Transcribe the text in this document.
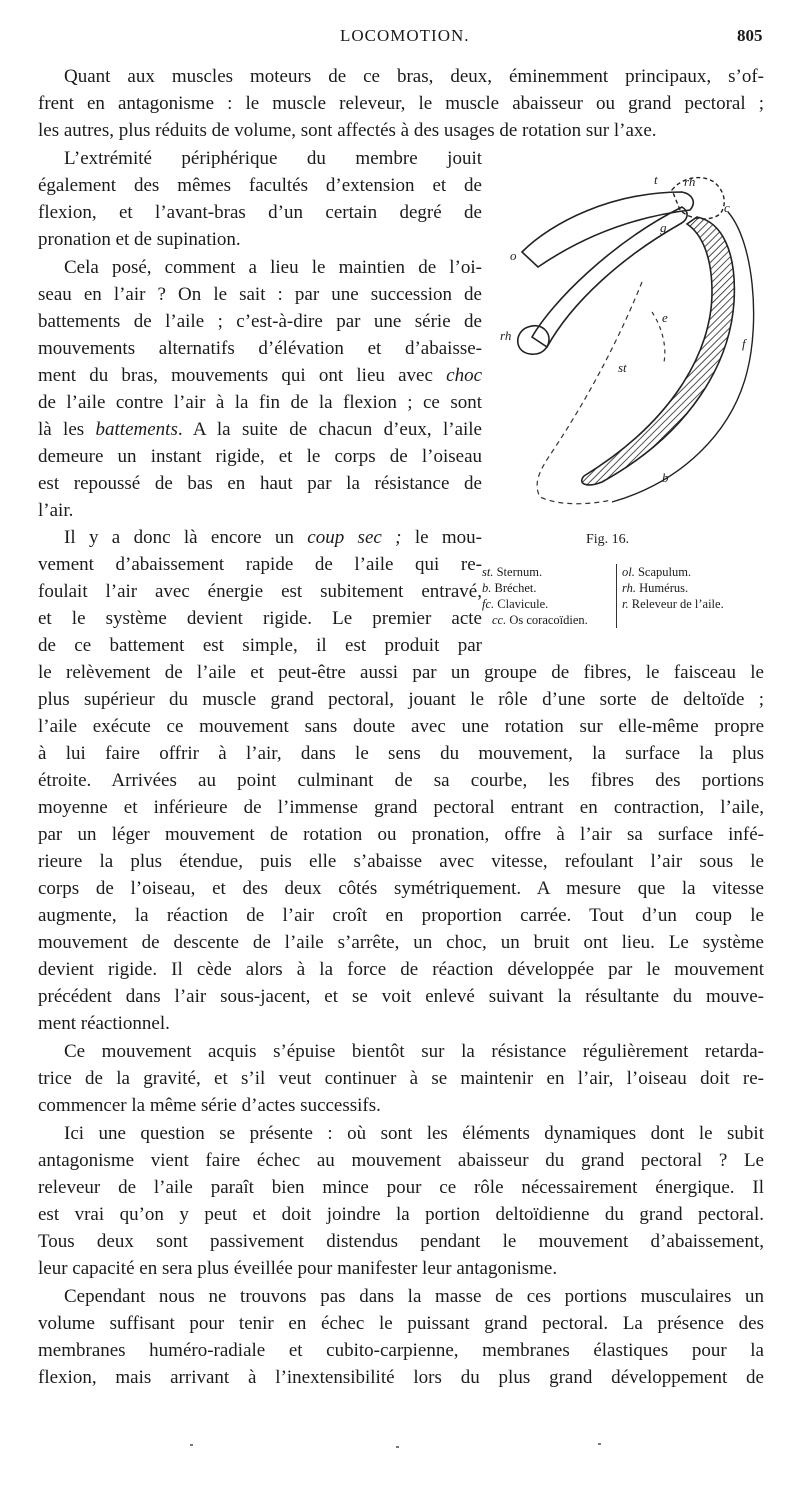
LOCOMOTION.	805
Quant aux muscles moteurs de ce bras, deux, éminemment principaux, s’of-
frent en antagonisme : le muscle releveur, le muscle abaisseur ou grand pectoral ;
les autres, plus réduits de volume, sont affectés à des usages de rotation sur l’axe.
L’extrémité périphérique du membre jouit
également des mêmes facultés d’extension et de
flexion, et l’avant-bras d’un certain degré de
pronation et de supination.
Cela posé, comment a lieu le maintien de l’oi-
seau en l’air ? On le sait : par une succession de
battements de l’aile ; c’est-à-dire par une série de
mouvements alternatifs d’élévation et d’abaisse-
ment du bras, mouvements qui ont lieu avec choc
de l’aile contre l’air à la fin de la flexion ; ce sont
là les battements. A la suite de chacun d’eux, l’aile
demeure un instant rigide, et le corps de l’oiseau
est repoussé de bas en haut par la résistance de
l’air.
Il y a donc là encore un coup sec ; le mou-
vement d’abaissement rapide de l’aile qui re-
foulait l’air avec énergie est subitement entravé,
et le système devient rigide. Le premier acte
de ce battement est simple, il est produit par
le relèvement de l’aile et peut-être aussi par un groupe de fibres, le faisceau le
plus supérieur du muscle grand pectoral, jouant le rôle d’une sorte de deltoïde ;
l’aile exécute ce mouvement sans doute avec une rotation sur elle-même propre
à lui faire offrir à l’air, dans le sens du mouvement, la surface la plus
étroite. Arrivées au point culminant de sa courbe, les fibres des portions
moyenne et inférieure de l’immense grand pectoral entrant en contraction, l’aile,
par un léger mouvement de rotation ou pronation, offre à l’air sa surface infé-
rieure la plus étendue, puis elle s’abaisse avec vitesse, refoulant l’air sous le
corps de l’oiseau, et des deux côtés symétriquement. A mesure que la vitesse
augmente, la réaction de l’air croît en proportion carrée. Tout d’un coup le
mouvement de descente de l’aile s’arrête, un choc, un bruit ont lieu. Le système
devient rigide. Il cède alors à la force de réaction développée par le mouvement
précédent dans l’air sous-jacent, et se voit enlevé suivant la résultante du mouve-
ment réactionnel.
Ce mouvement acquis s’épuise bientôt sur la résistance régulièrement retarda-
trice de la gravité, et s’il veut continuer à se maintenir en l’air, l’oiseau doit re-
commencer la même série d’actes successifs.
Ici une question se présente : où sont les éléments dynamiques dont le subit
antagonisme vient faire échec au mouvement abaisseur du grand pectoral ? Le
releveur de l’aile paraît bien mince pour ce rôle nécessairement énergique. Il
est vrai qu’on y peut et doit joindre la portion deltoïdienne du grand pectoral.
Tous deux sont passivement distendus pendant le mouvement d’abaissement,
leur capacité en sera plus éveillée pour manifester leur antagonisme.
Cependant nous ne trouvons pas dans la masse de ces portions musculaires un
volume suffisant pour tenir en échec le puissant grand pectoral. La présence des
membranes huméro-radiale et cubito-carpienne, membranes élastiques pour la
flexion, mais arrivant à l’inextensibilité lors du plus grand développement de
t rh
c
g
o
e
rh
f
st
b
Fig. 16.
st. Sternum.
b. Bréchet.
fc. Clavicule.
cc. Os coracoïdien.
ol. Scapulum.
rh. Humérus.
r. Releveur de l’aile.
